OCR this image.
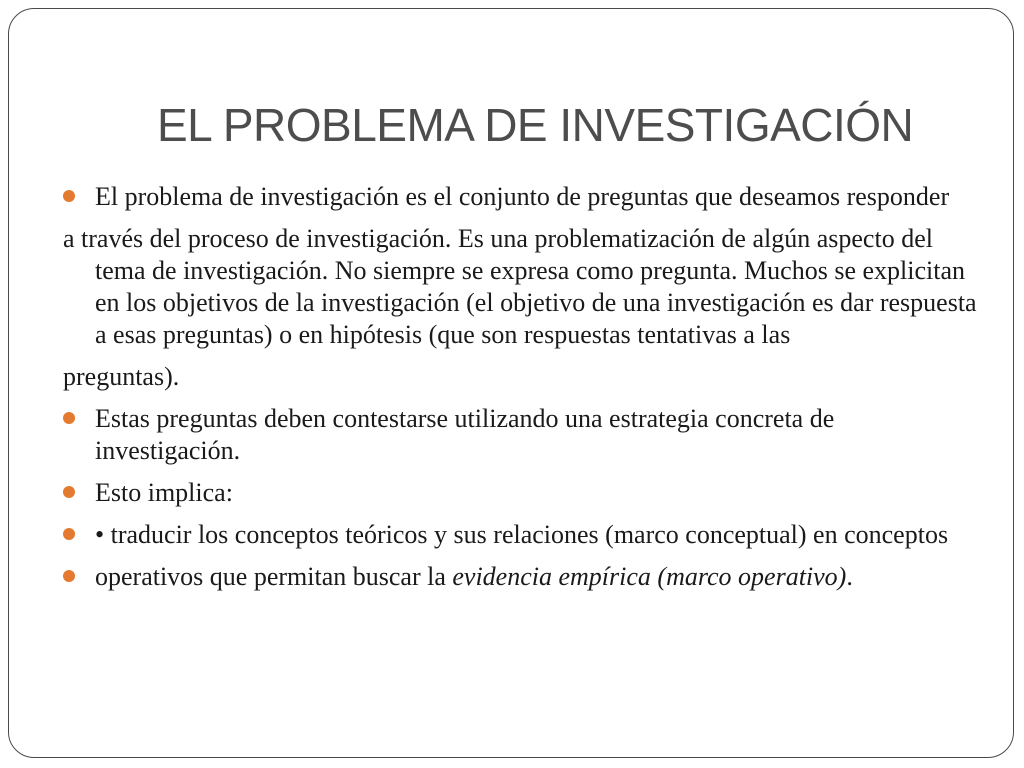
EL PROBLEMA DE INVESTIGACIÓN

El problema de investigación es el conjunto de preguntas que deseamos responder

a través del proceso de investigación. Es una problematización de algún aspecto del tema de investigación. No siempre se expresa como pregunta. Muchos se explicitan en los objetivos de la investigación (el objetivo de una investigación es dar respuesta a esas preguntas) o en hipótesis (que son respuestas tentativas a las

preguntas).

Estas preguntas deben contestarse utilizando una estrategia concreta de investigación.

Esto implica:

• traducir los conceptos teóricos y sus relaciones (marco conceptual) en conceptos

operativos que permitan buscar la evidencia empírica (marco operativo).
